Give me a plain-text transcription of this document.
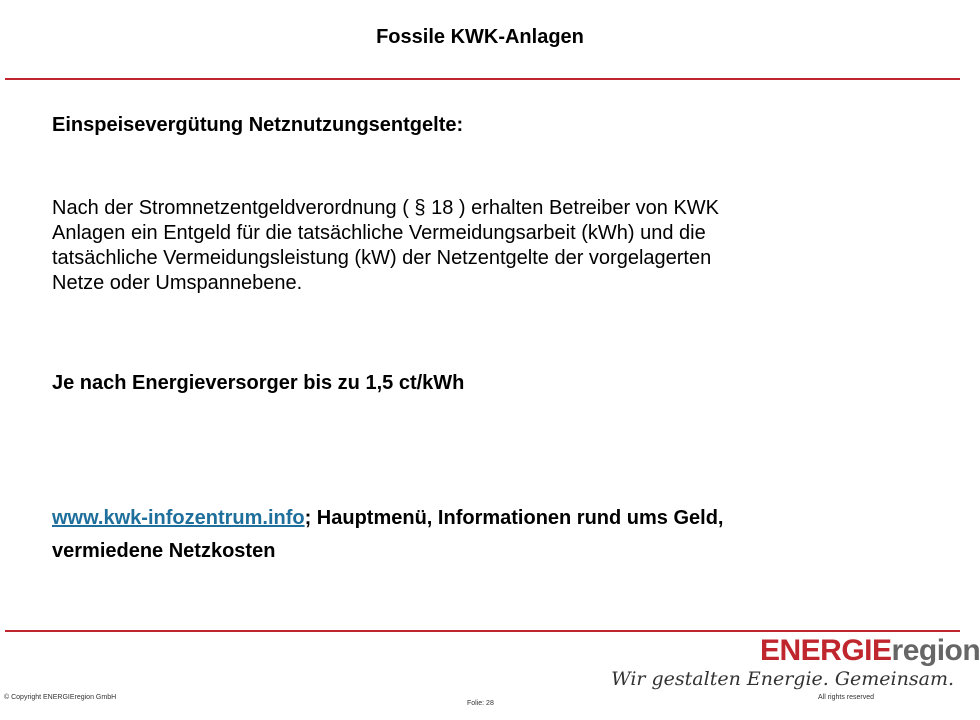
Fossile KWK-Anlagen
Einspeisevergütung Netznutzungsentgelte:

Nach der Stromnetzentgeldverordnung ( § 18 ) erhalten Betreiber von KWK
Anlagen ein Entgeld für die tatsächliche Vermeidungsarbeit (kWh) und die
tatsächliche Vermeidungsleistung (kW) der Netzentgelte der vorgelagerten
Netze oder Umspannebene.

Je nach Energieversorger bis zu 1,5 ct/kWh
www.kwk-infozentrum.info; Hauptmenü, Informationen rund ums Geld,
vermiedene Netzkosten
ENERGIEregion
Wir gestalten Energie. Gemeinsam.
© Copyright ENERGIEregion GmbH	All rights reserved
Folie: 28
